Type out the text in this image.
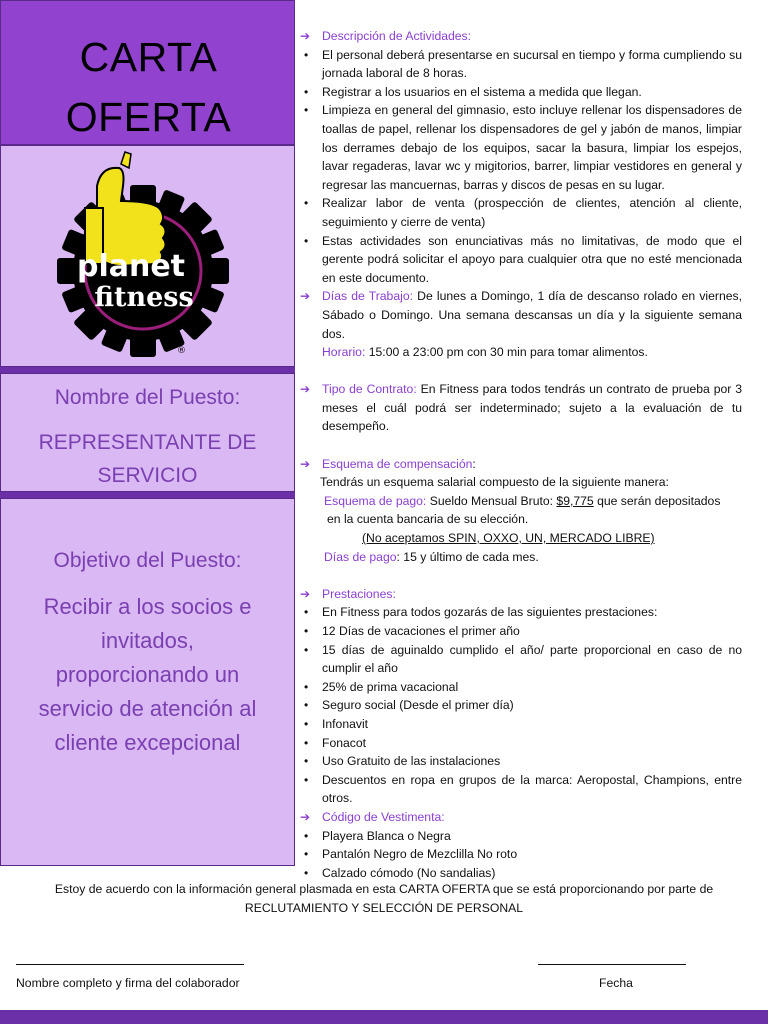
CARTA
OFERTA
planet
fitness
®
Nombre del Puesto:
REPRESENTANTE DE
SERVICIO
Objetivo del Puesto:
Recibir a los socios e
invitados,
proporcionando un
servicio de atención al
cliente excepcional
➔ Descripción de Actividades:
• El personal deberá presentarse en sucursal en tiempo y forma cumpliendo su jornada laboral de 8 horas.
• Registrar a los usuarios en el sistema a medida que llegan.
• Limpieza en general del gimnasio, esto incluye rellenar los dispensadores de toallas de papel, rellenar los dispensadores de gel y jabón de manos, limpiar los derrames debajo de los equipos, sacar la basura, limpiar los espejos, lavar regaderas, lavar wc y migitorios, barrer, limpiar vestidores en general y regresar las mancuernas, barras y discos de pesas en su lugar.
• Realizar labor de venta (prospección de clientes, atención al cliente, seguimiento y cierre de venta)
• Estas actividades son enunciativas más no limitativas, de modo que el gerente podrá solicitar el apoyo para cualquier otra que no esté mencionada en este documento.
➔ Días de Trabajo: De lunes a Domingo, 1 día de descanso rolado en viernes, Sábado o Domingo. Una semana descansas un día y la siguiente semana dos.
Horario: 15:00 a 23:00 pm con 30 min para tomar alimentos.
➔ Tipo de Contrato: En Fitness para todos tendrás un contrato de prueba por 3 meses el cuál podrá ser indeterminado; sujeto a la evaluación de tu desempeño.
➔ Esquema de compensación:
Tendrás un esquema salarial compuesto de la siguiente manera:
Esquema de pago: Sueldo Mensual Bruto: $9,775 que serán depositados
en la cuenta bancaria de su elección.
(No aceptamos SPIN, OXXO, UN, MERCADO LIBRE)
Días de pago: 15 y último de cada mes.
➔ Prestaciones:
• En Fitness para todos gozarás de las siguientes prestaciones:
• 12 Días de vacaciones el primer año
• 15 días de aguinaldo cumplido el año/ parte proporcional en caso de no cumplir el año
• 25% de prima vacacional
• Seguro social (Desde el primer día)
• Infonavit
• Fonacot
• Uso Gratuito de las instalaciones
• Descuentos en ropa en grupos de la marca: Aeropostal, Champions, entre otros.
➔ Código de Vestimenta:
• Playera Blanca o Negra
• Pantalón Negro de Mezclilla No roto
• Calzado cómodo (No sandalias)
Estoy de acuerdo con la información general plasmada en esta CARTA OFERTA que se está proporcionando por parte de RECLUTAMIENTO Y SELECCIÓN DE PERSONAL
Nombre completo y firma del colaborador	Fecha
